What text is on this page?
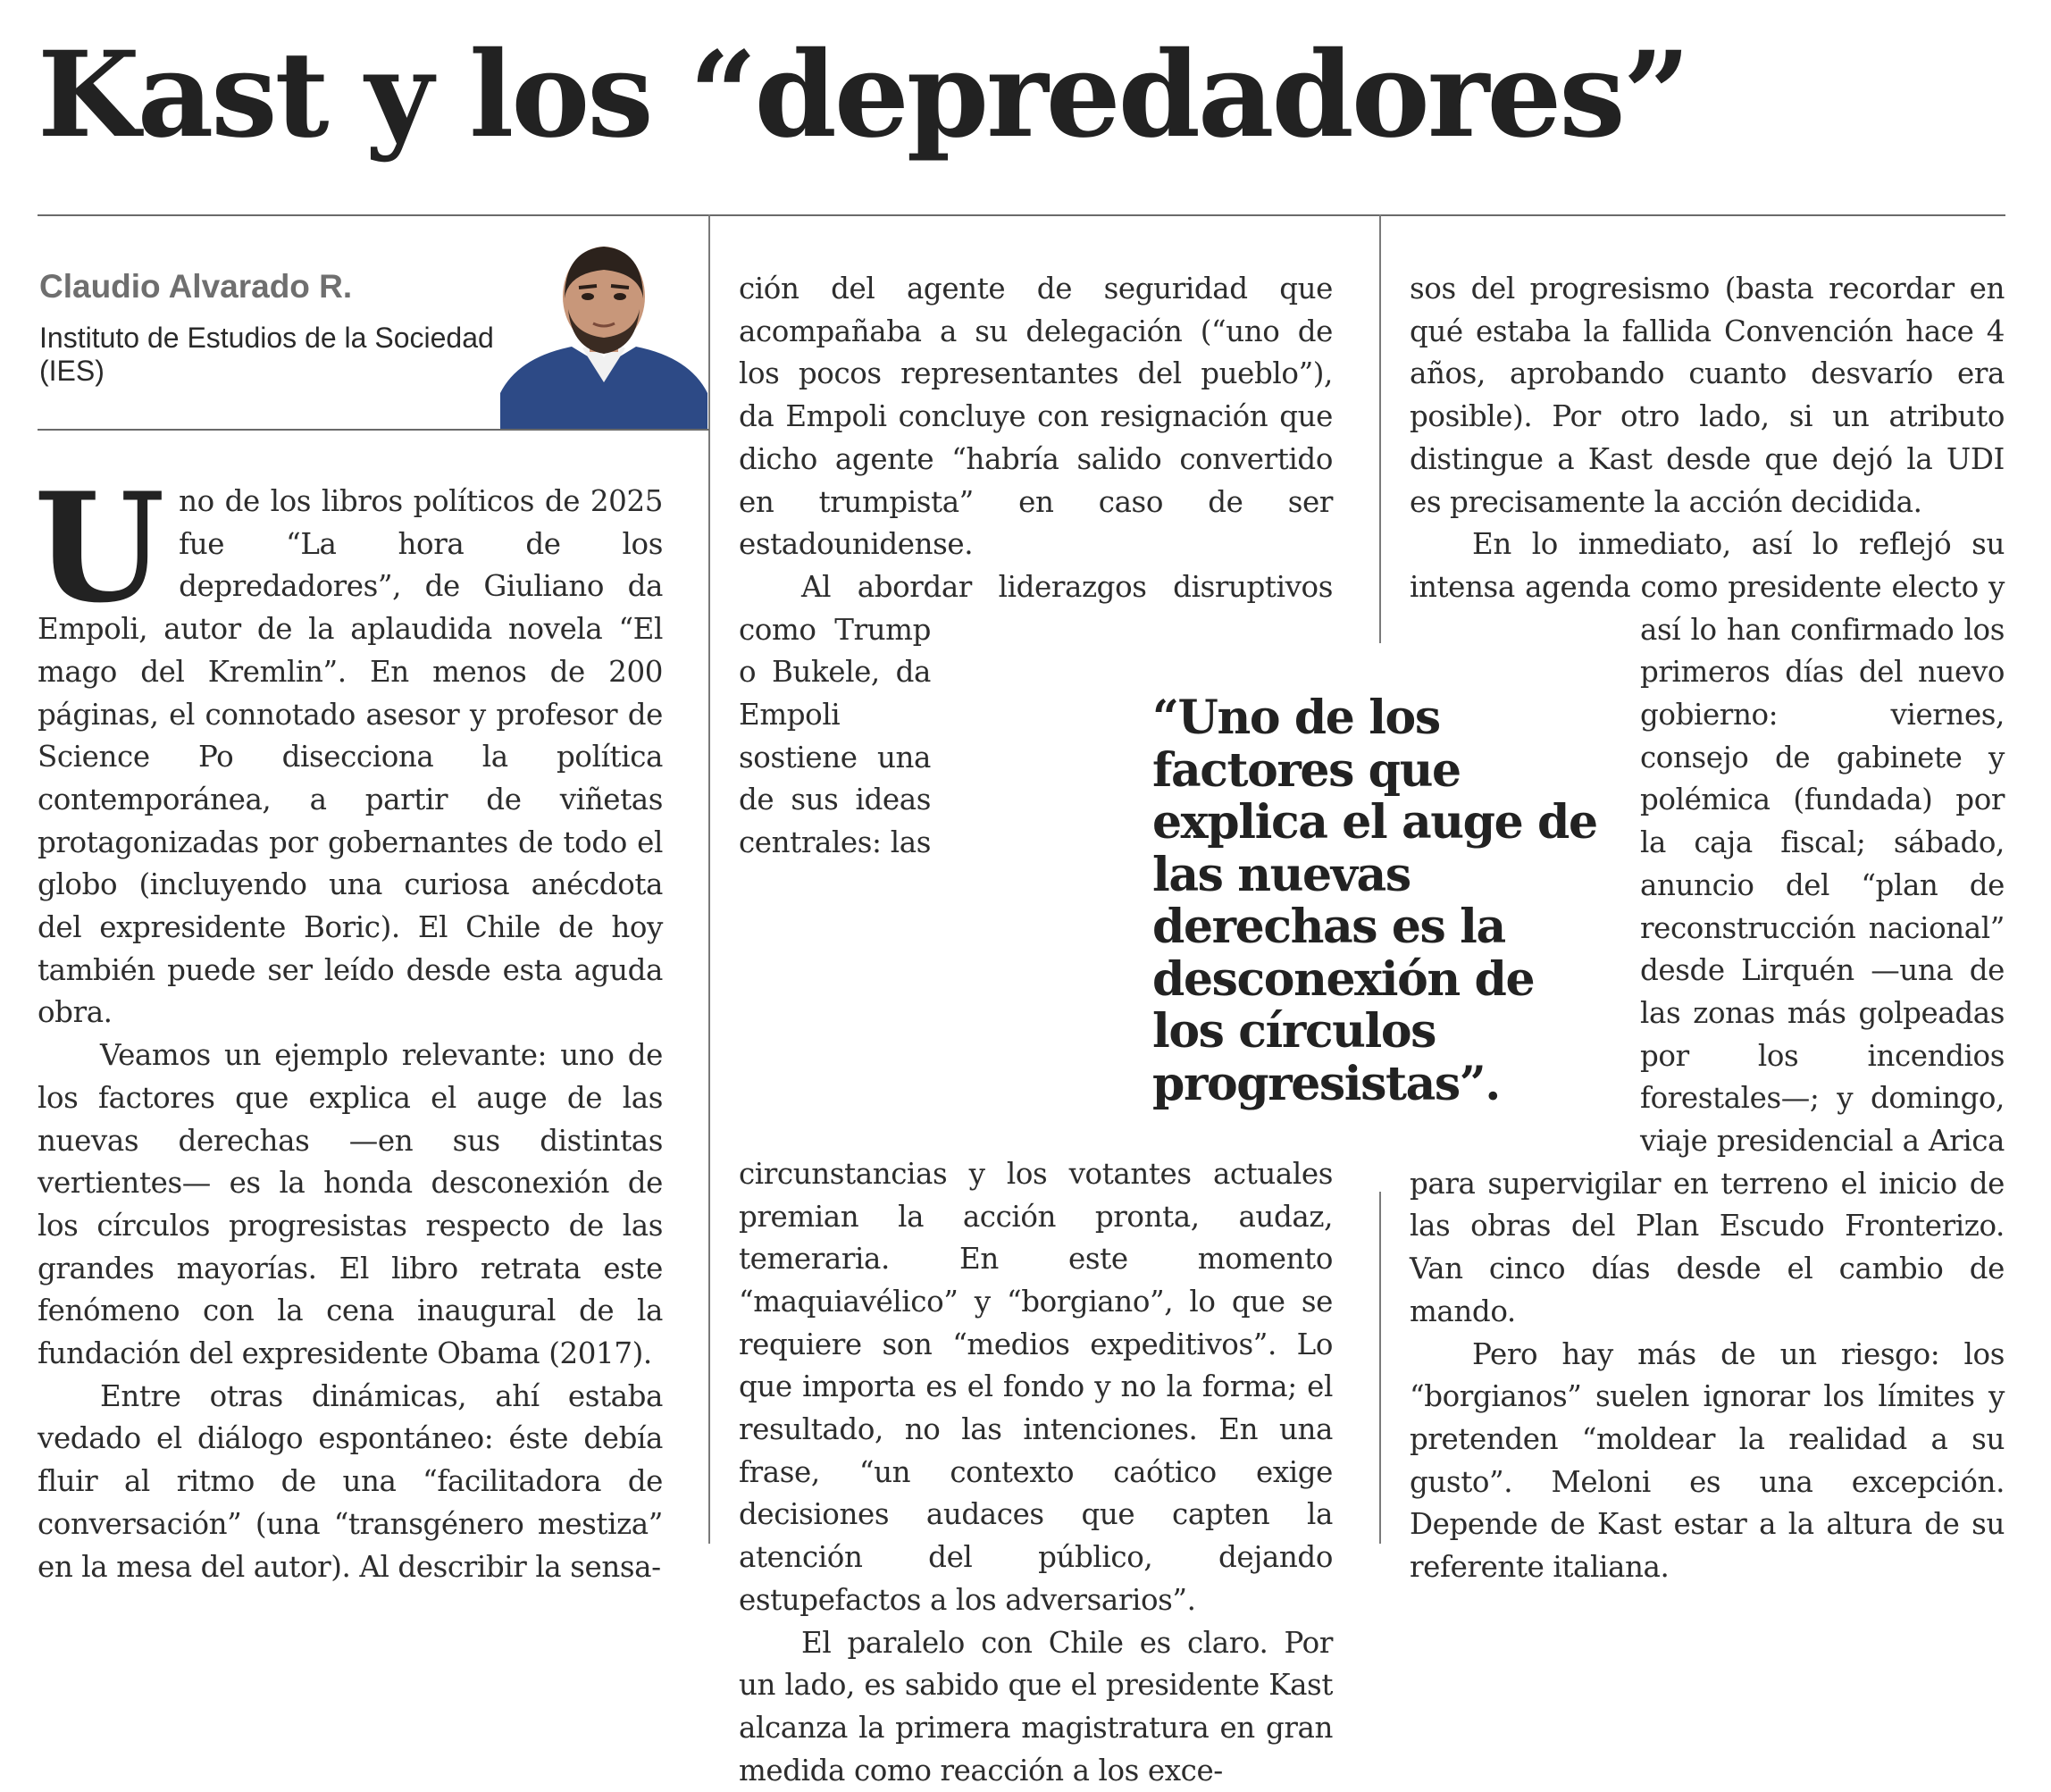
Kast y los “depredadores”
Claudio Alvarado R.
Instituto de Estudios de la Sociedad (IES)

Uno de los libros políticos de 2025 fue “La hora de los depredadores”, de Giuliano da Empoli, autor de la aplaudida novela “El mago del Kremlin”. En menos de 200 páginas, el connotado asesor y profesor de Science Po disecciona la política contemporánea, a partir de viñetas protagonizadas por gobernantes de todo el globo (incluyendo una curiosa anécdota del expresidente Boric). El Chile de hoy también puede ser leído desde esta aguda obra.

Veamos un ejemplo relevante: uno de los factores que explica el auge de las nuevas derechas —en sus distintas vertientes— es la honda desconexión de los círculos progresistas respecto de las grandes mayorías. El libro retrata este fenómeno con la cena inaugural de la fundación del expresidente Obama (2017).

Entre otras dinámicas, ahí estaba vedado el diálogo espontáneo: éste debía fluir al ritmo de una “facilitadora de conversación” (una “transgénero mestiza” en la mesa del autor). Al describir la sensa-

ción del agente de seguridad que acompañaba a su delegación (“uno de los pocos representantes del pueblo”), da Empoli concluye con resignación que dicho agente “habría salido convertido en trumpista” en caso de ser estadounidense.

Al abordar liderazgos disruptivos como Trump o Bukele, da Empoli sostiene una de sus ideas centrales: las circunstancias y los votantes actuales premian la acción pronta, audaz, temeraria. En este momento “maquiavélico” y “borgiano”, lo que se requiere son “medios expeditivos”. Lo que importa es el fondo y no la forma; el resultado, no las intenciones. En una frase, “un contexto caótico exige decisiones audaces que capten la atención del público, dejando estupefactos a los adversarios”.

El paralelo con Chile es claro. Por un lado, es sabido que el presidente Kast alcanza la primera magistratura en gran medida como reacción a los exce-

sos del progresismo (basta recordar en qué estaba la fallida Convención hace 4 años, aprobando cuanto desvarío era posible). Por otro lado, si un atributo distingue a Kast desde que dejó la UDI es precisamente la acción decidida.

En lo inmediato, así lo reflejó su intensa agenda como presidente electo y así lo han confirmado los primeros días del nuevo gobierno: viernes, consejo de gabinete y polémica (fundada) por la caja fiscal; sábado, anuncio del “plan de reconstrucción nacional” desde Lirquén —una de las zonas más golpeadas por los incendios forestales—; y domingo, viaje presidencial a Arica para supervigilar en terreno el inicio de las obras del Plan Escudo Fronterizo. Van cinco días desde el cambio de mando.

Pero hay más de un riesgo: los “borgianos” suelen ignorar los límites y pretenden “moldear la realidad a su gusto”. Meloni es una excepción. Depende de Kast estar a la altura de su referente italiana.

“Uno de los factores que explica el auge de las nuevas derechas es la desconexión de los círculos progresistas”.
